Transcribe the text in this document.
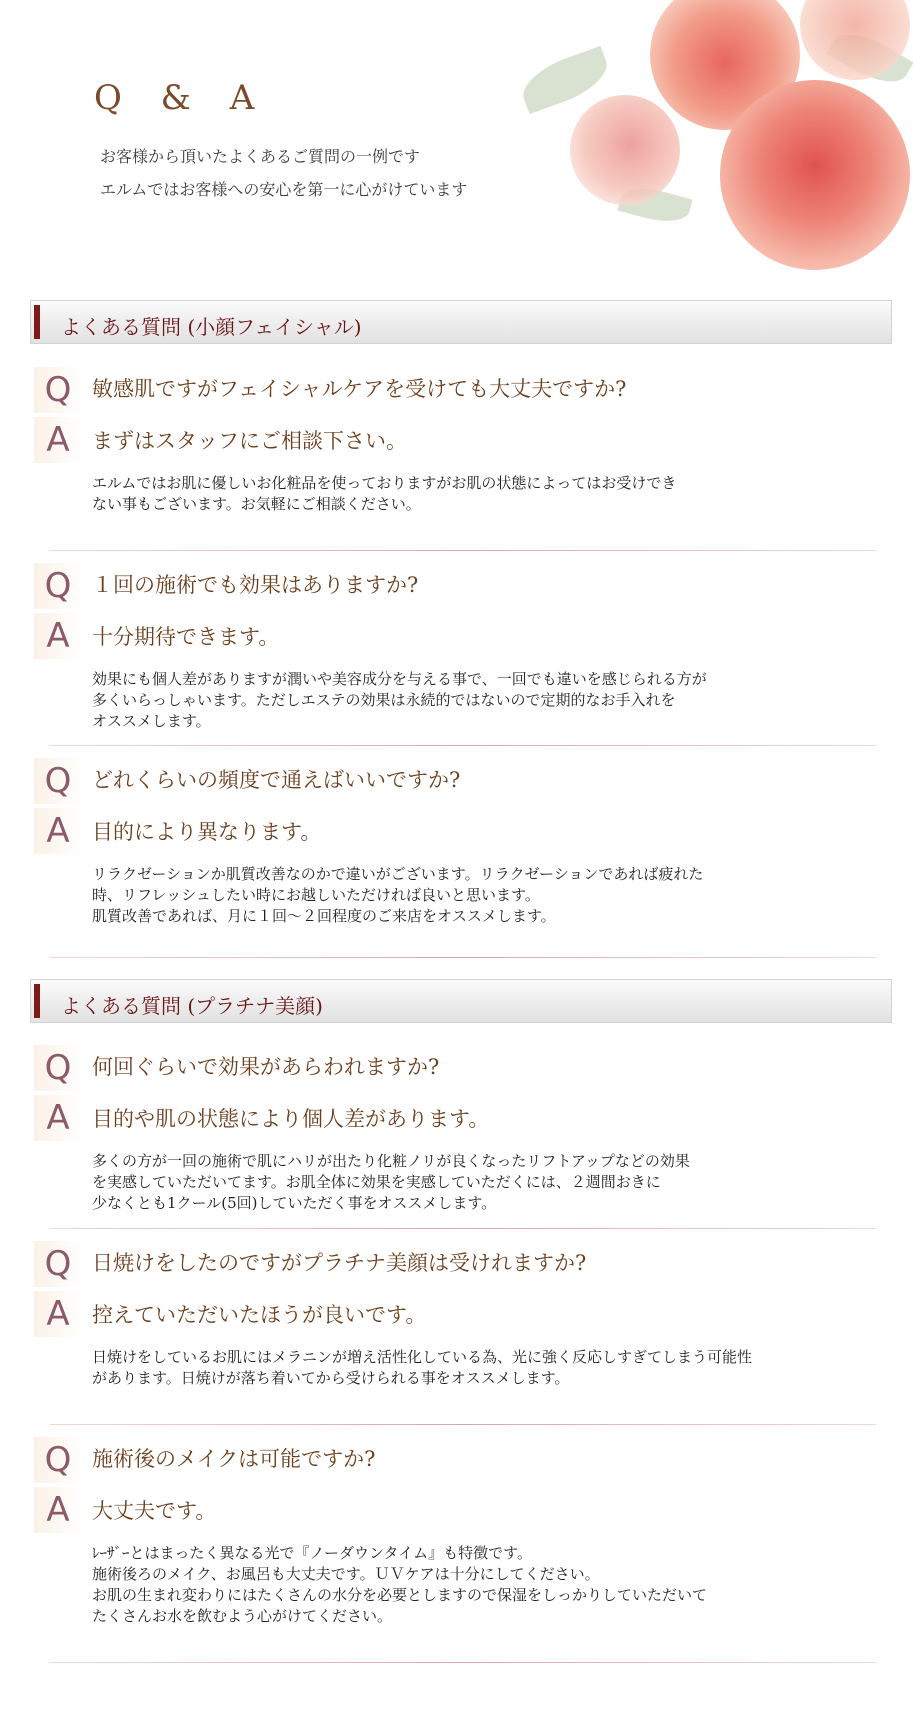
Q & A
お客様から頂いたよくあるご質問の一例です
エルムではお客様への安心を第一に心がけています
よくある質問 (小顔フェイシャル)
Q 敏感肌ですがフェイシャルケアを受けても大丈夫ですか?
A	まずはスタッフにご相談下さい。
エルムではお肌に優しいお化粧品を使っておりますがお肌の状態によってはお受けでき
ない事もございます。お気軽にご相談ください。
Q １回の施術でも効果はありますか?
A	十分期待できます。
効果にも個人差がありますが潤いや美容成分を与える事で、一回でも違いを感じられる方が
多くいらっしゃいます。ただしエステの効果は永続的ではないので定期的なお手入れを
オススメします。
Q どれくらいの頻度で通えばいいですか?
A	目的により異なります。
リラクゼーションか肌質改善なのかで違いがございます。リラクゼーションであれば疲れた
時、リフレッシュしたい時にお越しいただければ良いと思います。
肌質改善であれば、月に１回～２回程度のご来店をオススメします。
よくある質問 (プラチナ美顔)
Q 何回ぐらいで効果があらわれますか?
A	目的や肌の状態により個人差があります。
多くの方が一回の施術で肌にハリが出たり化粧ノリが良くなったリフトアップなどの効果
を実感していただいてます。お肌全体に効果を実感していただくには、２週間おきに
少なくとも1クール(5回)していただく事をオススメします。
Q 日焼けをしたのですがプラチナ美顔は受けれますか?
A	控えていただいたほうが良いです。
日焼けをしているお肌にはメラニンが増え活性化している為、光に強く反応しすぎてしまう可能性
があります。日焼けが落ち着いてから受けられる事をオススメします。
Q 施術後のメイクは可能ですか?
A	大丈夫です。
ﾚｰｻﾞｰとはまったく異なる光で『ノーダウンタイム』も特徴です。
施術後ろのメイク、お風呂も大丈夫です。ＵＶケアは十分にしてください。
お肌の生まれ変わりにはたくさんの水分を必要としますので保湿をしっかりしていただいて
たくさんお水を飲むよう心がけてください。
